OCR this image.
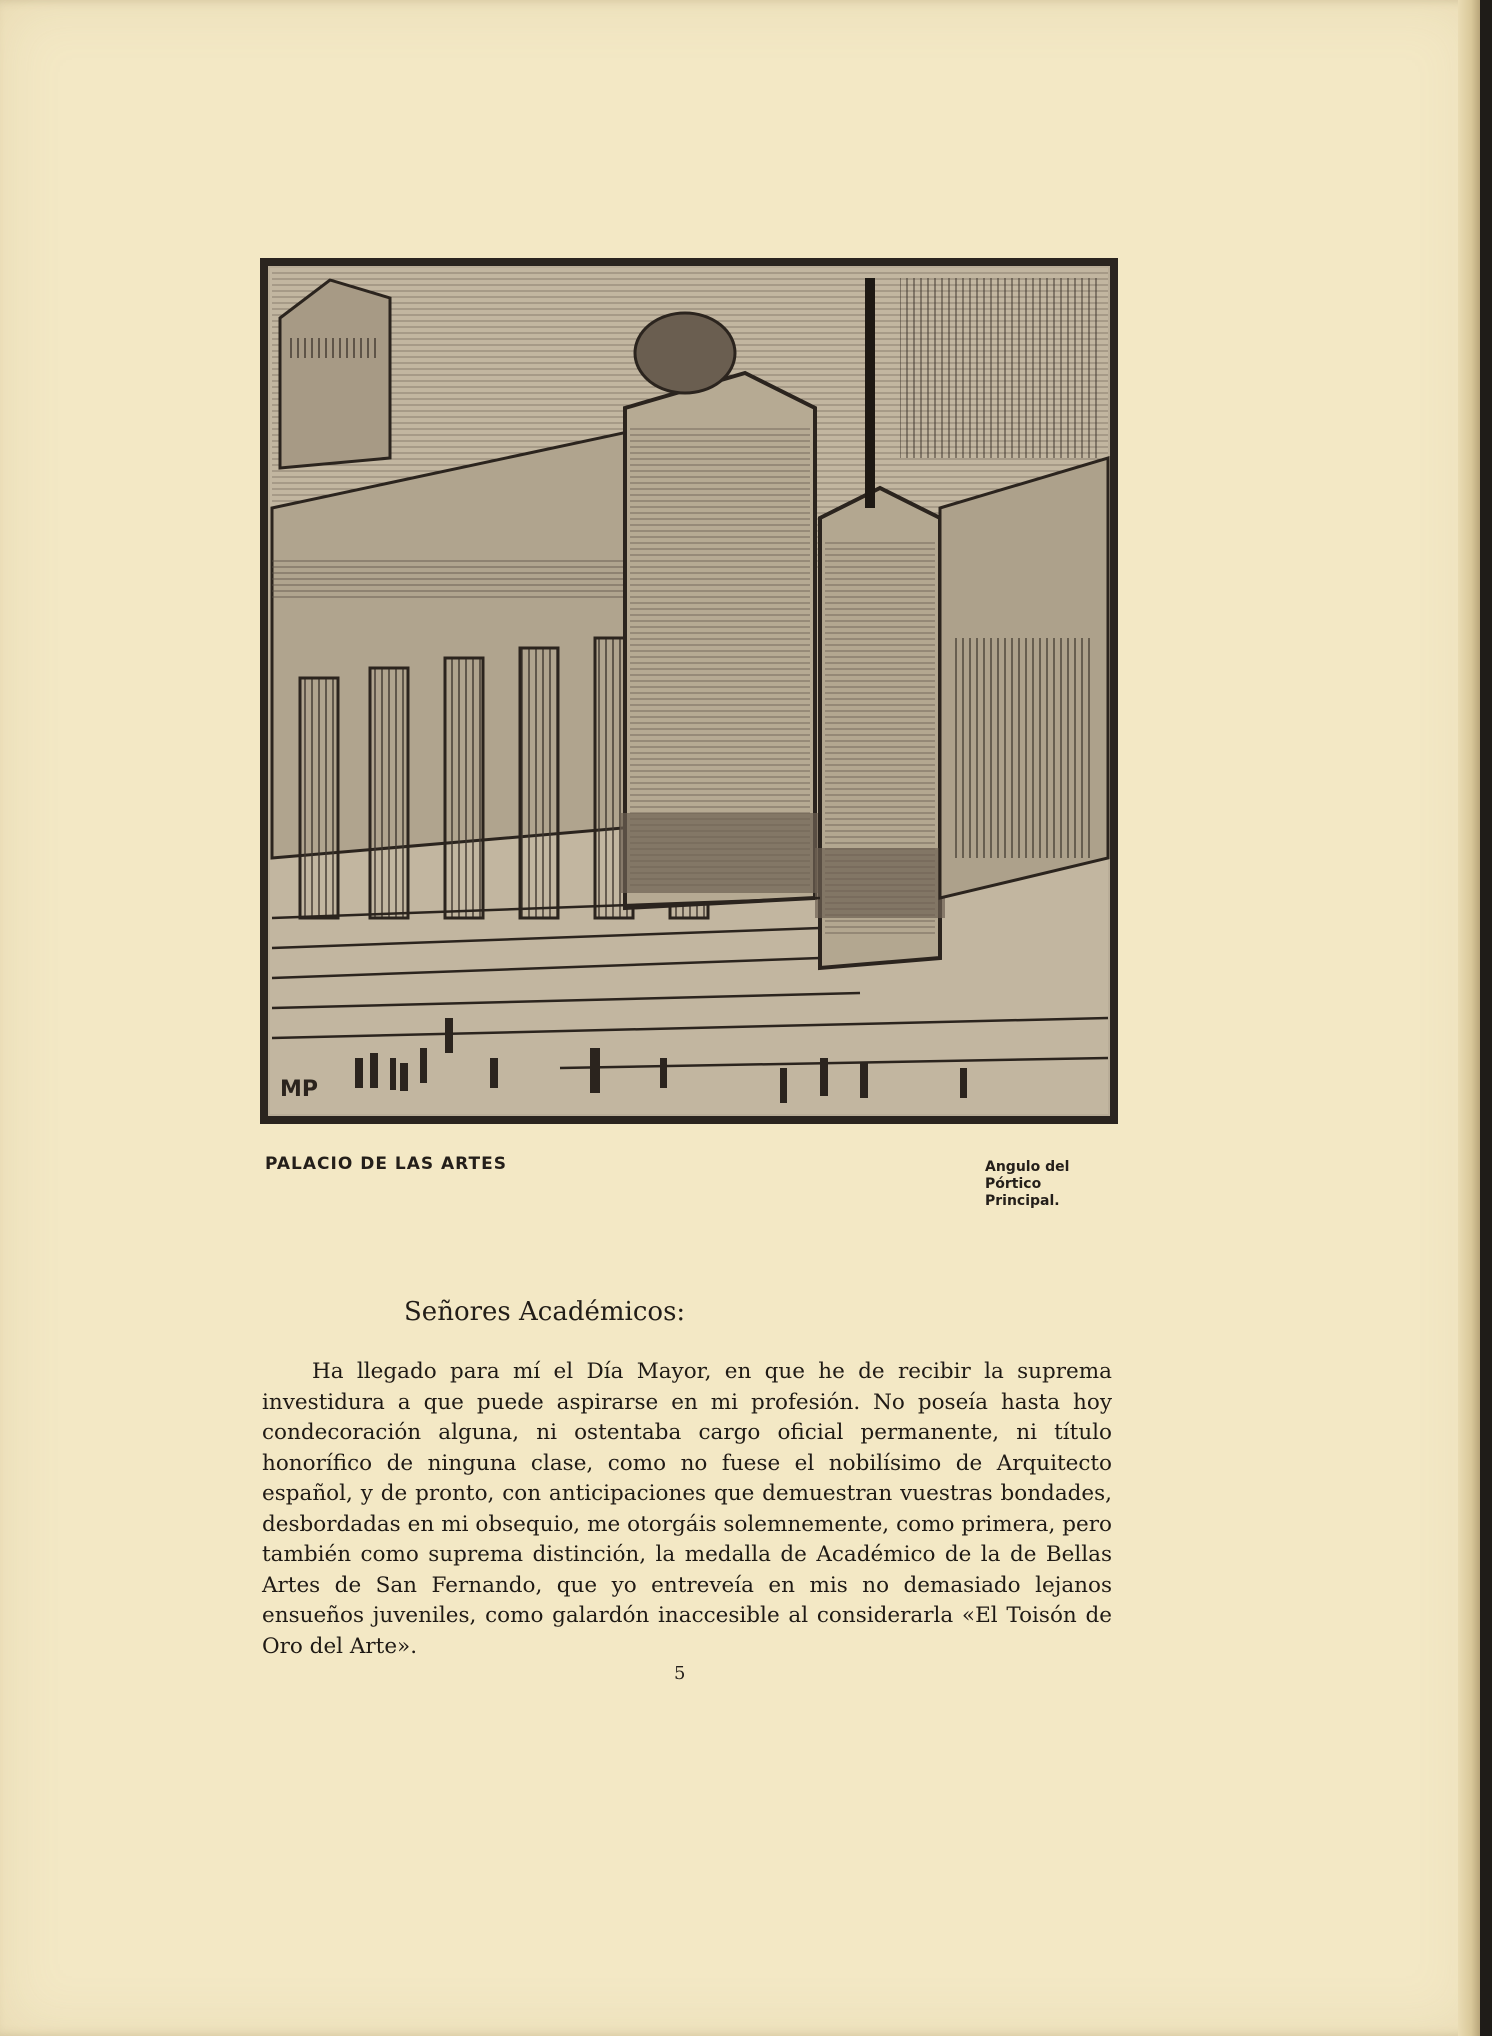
MP
PALACIO DE LAS ARTES	Angulo del Pórtico Principal.
Señores Académicos:
Ha llegado para mí el Día Mayor, en que he de recibir la suprema investidura a que puede aspirarse en mi profesión. No poseía hasta hoy condecoración alguna, ni ostentaba cargo oficial permanente, ni título honorífico de ninguna clase, como no fuese el nobilísimo de Arquitecto español, y de pronto, con anticipaciones que demuestran vuestras bondades, desbordadas en mi obsequio, me otorgáis solemnemente, como primera, pero también como suprema distinción, la medalla de Académico de la de Bellas Artes de San Fernando, que yo entreveía en mis no demasiado lejanos ensueños juveniles, como galardón inaccesible al considerarla «El Toisón de Oro del Arte».
5
